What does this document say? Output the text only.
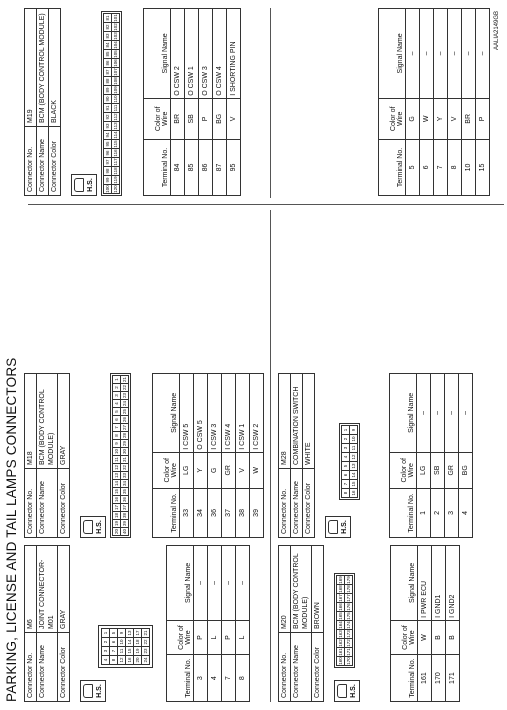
PARKING, LICENSE AND TAIL LAMPS CONNECTORS Connector No.	M6
Connector Name	JOINT CONNECTOR-M01
Connector Color	GRAY
H.S.
4	3	2	1
8	7	6	5
12	11	10	9
16	15	14	13
20	19	18	17
24	23	22	21
Terminal No.	Color of Wire	Signal Name
3	P	–
4	L	–
7	P	–
8	L	–
Connector No.	M18
Connector Name	BCM (BODY CONTROL MODULE)
Connector Color	GRAY
H.S. 20	19	18	17	16	15	14	13	12	11	10	9	8	7	6	5	4	3	2	1
40	39	38	37	36	35	34	33	32	31	30	29	28	27	26	25	24	23	22	21
Terminal No.	Color of Wire	Signal Name
33	LG	I CSW 5
34	Y	O CSW 5
36	G	I CSW 3
37	GR	I CSW 4
38	V	I CSW 1
39	W	I CSW 2
Connector No.	M19
Connector Name	BCM (BODY CONTROL MODULE)
Connector Color	BLACK
H.S. 100	99	98	97	96	95	94	93	92	91	90	89	88	87	86	85	84	83	82	81
120	119	118	117	116	115	114	113	112	111	110	109	108	107	106	105	104	103	102	101
Terminal No.	Color of Wire	Signal Name
84	BR	O CSW 2
85	SB	O CSW 1
86	P	O CSW 3
87	BG	O CSW 4
95	V	I SHORTING PIN
Connector No.	M20
Connector Name	BCM (BODY CONTROL MODULE)
Connector Color	BROWN
H.S.
160	161	162	163	164	165	166	167	168	169
170	171	172	173	174	175	176	177	178	179
Terminal No.	Color of Wire	Signal Name
161	W	I PWR ECU
170	B	I GND1
171	B	I GND2
Connector No.	M28
Connector Name	COMBINATION SWITCH
Connector Color	WHITE
H.S.
8	7	6	5	4	3	2	1
16	15	14	13	12	11	10	9
Terminal No.	Color of Wire	Signal Name
1	LG	–
2	SB	–
3	GR	–
4	BG	–
Terminal No.	Color of Wire	Signal Name
5	G	–
6	W	–
7	Y	–
8	V	–
10	BR	–
15	P	–
AALIA2149GB
